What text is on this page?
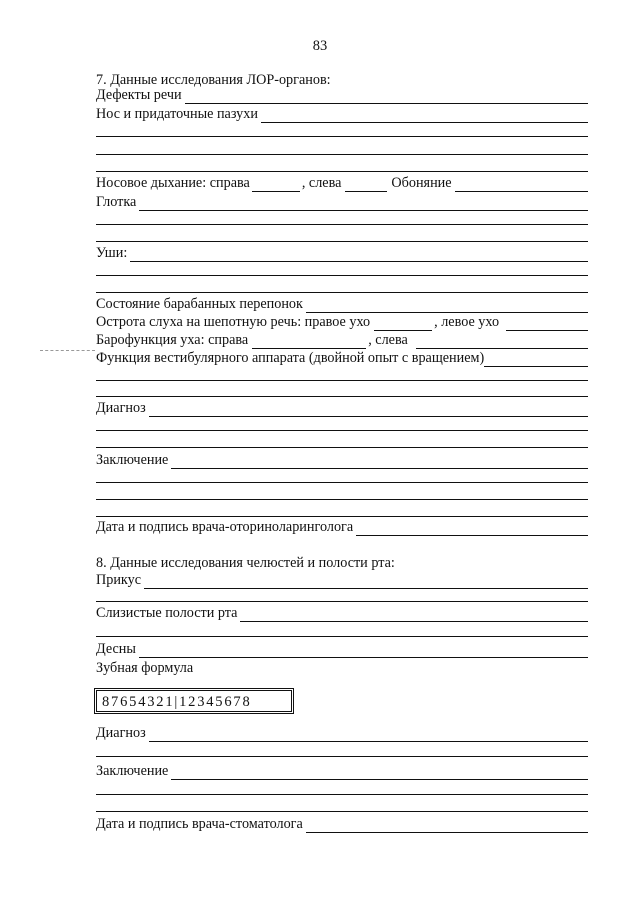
83
7. Данные исследования ЛОР-органов:
Дефекты речи
Нос и придаточные пазухи
Носовое дыхание: справа	, слева	Обоняние
Глотка
Уши:
Состояние барабанных перепонок
Острота слуха на шепотную речь: правое ухо	, левое ухо
Барофункция уха: справа	, слева
Функция вестибулярного аппарата (двойной опыт с вращением)
Диагноз
Заключение
Дата и подпись врача-оториноларинголога
8. Данные исследования челюстей и полости рта:
Прикус
Слизистые полости рта
Десны
Зубная формула
87654321|12345678
Диагноз
Заключение
Дата и подпись врача-стоматолога
